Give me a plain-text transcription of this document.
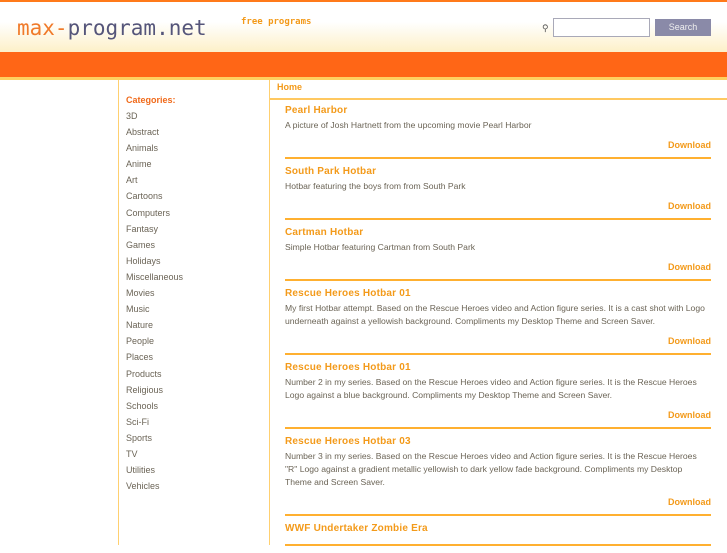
max-program.net	free programs
⚲	Search
Categories:
3D
Abstract
Animals
Anime
Art
Cartoons
Computers
Fantasy
Games
Holidays
Miscellaneous
Movies
Music
Nature
People
Places
Products
Religious
Schools
Sci-Fi
Sports
TV
Utilities
Vehicles
Home
Pearl Harbor

A picture of Josh Hartnett from the upcoming movie Pearl Harbor

Download
South Park Hotbar

Hotbar featuring the boys from from South Park

Download
Cartman Hotbar

Simple Hotbar featuring Cartman from South Park

Download
Rescue Heroes Hotbar 01

My first Hotbar attempt. Based on the Rescue Heroes video and Action figure series. It is a cast shot with Logo underneath against a yellowish background. Compliments my Desktop Theme and Screen Saver.

Download
Rescue Heroes Hotbar 01

Number 2 in my series. Based on the Rescue Heroes video and Action figure series. It is the Rescue Heroes Logo against a blue background. Compliments my Desktop Theme and Screen Saver.

Download
Rescue Heroes Hotbar 03

Number 3 in my series. Based on the Rescue Heroes video and Action figure series. It is the Rescue Heroes "R" Logo against a gradient metallic yellowish to dark yellow fade background. Compliments my Desktop Theme and Screen Saver.

Download
WWF Undertaker Zombie Era
